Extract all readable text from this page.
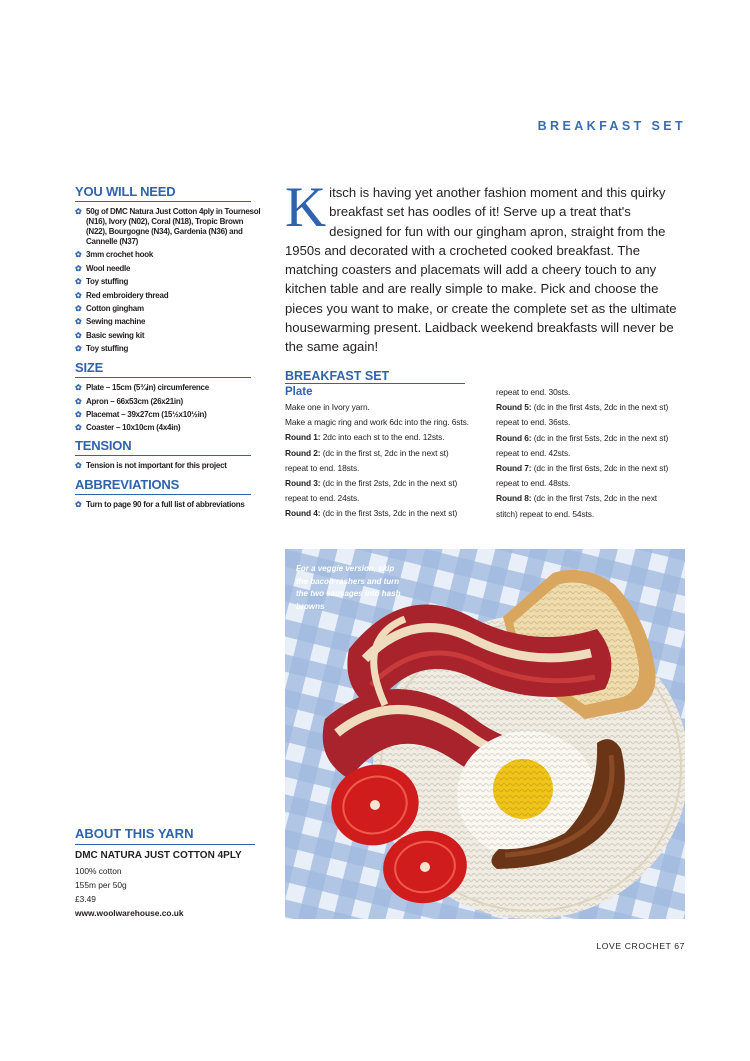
BREAKFAST SET
YOU WILL NEED
✿ 50g of DMC Natura Just Cotton 4ply in Tournesol (N16), Ivory (N02), Coral (N18), Tropic Brown (N22), Bourgogne (N34), Gardenia (N36) and Cannelle (N37)
✿ 3mm crochet hook
✿ Wool needle
✿ Toy stuffing
✿ Red embroidery thread
✿ Cotton gingham
✿ Sewing machine
✿ Basic sewing kit
✿ Toy stuffing
SIZE
✿ Plate – 15cm (5¾in) circumference
✿ Apron – 66x53cm (26x21in)
✿ Placemat – 39x27cm (15½x10½in)
✿ Coaster – 10x10cm (4x4in)
TENSION
✿ Tension is not important for this project
ABBREVIATIONS
✿ Turn to page 90 for a full list of abbreviations
Kitsch is having yet another fashion moment and this quirky breakfast set has oodles of it! Serve up a treat that's designed for fun with our gingham apron, straight from the 1950s and decorated with a crocheted cooked breakfast. The matching coasters and placemats will add a cheery touch to any kitchen table and are really simple to make. Pick and choose the pieces you want to make, or create the complete set as the ultimate housewarming present. Laidback weekend breakfasts will never be the same again!
BREAKFAST SET
Plate
Make one in Ivory yarn.
Make a magic ring and work 6dc into the ring. 6sts.
Round 1: 2dc into each st to the end. 12sts.
Round 2: (dc in the first st, 2dc in the next st)
repeat to end. 18sts.
Round 3: (dc in the first 2sts, 2dc in the next st)
repeat to end. 24sts.
Round 4: (dc in the first 3sts, 2dc in the next st)
repeat to end. 30sts.
Round 5: (dc in the first 4sts, 2dc in the next st)
repeat to end. 36sts.
Round 6: (dc in the first 5sts, 2dc in the next st)
repeat to end. 42sts.
Round 7: (dc in the first 6sts, 2dc in the next st)
repeat to end. 48sts.
Round 8: (dc in the first 7sts, 2dc in the next
stitch) repeat to end. 54sts.
For a veggie version, skip the bacon rashers and turn the two sausages into hash browns
ABOUT THIS YARN
DMC NATURA JUST COTTON 4PLY
100% cotton
155m per 50g
£3.49
www.woolwarehouse.co.uk
LOVE CROCHET 67
